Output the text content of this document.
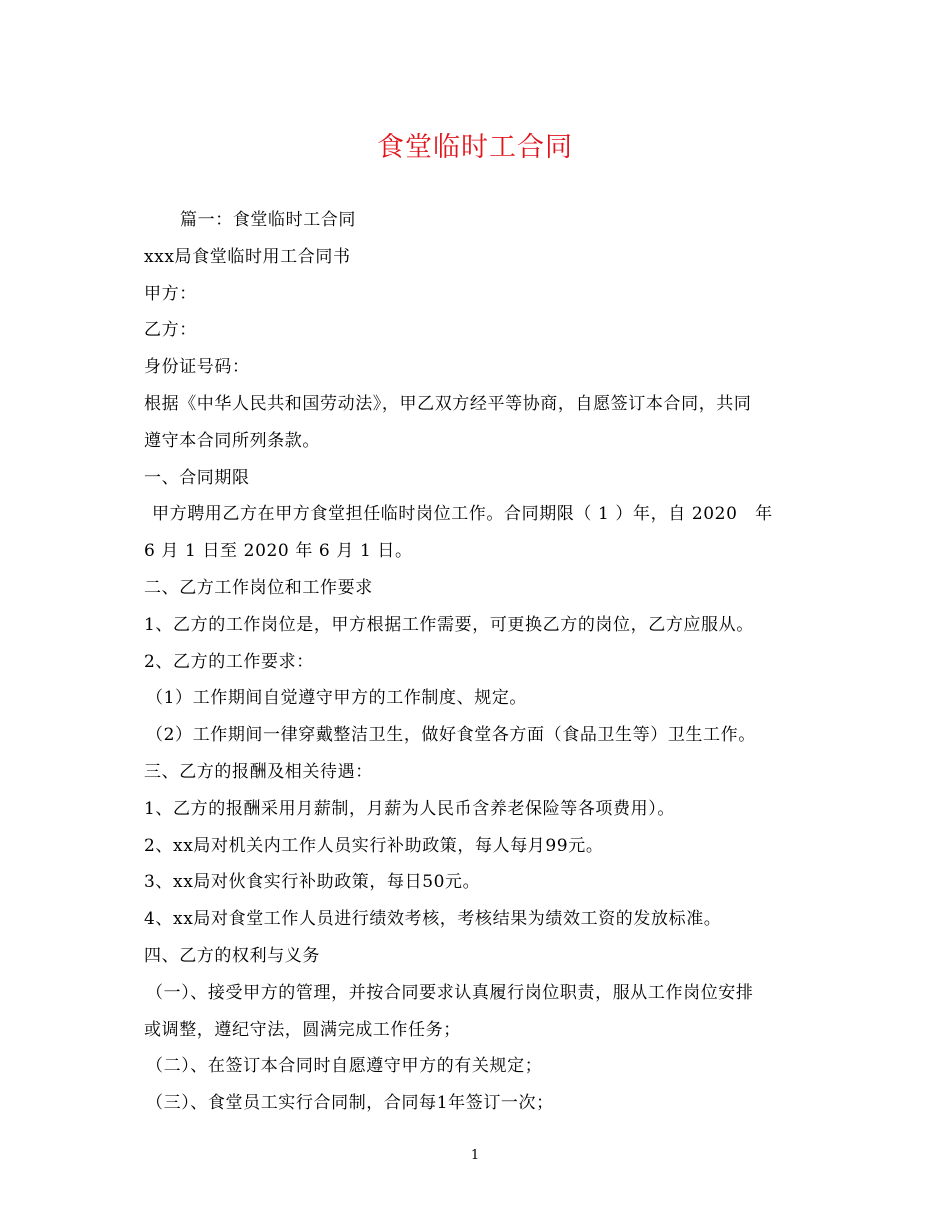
食堂临时工合同
篇一：食堂临时工合同
xxx局食堂临时用工合同书
甲方：
乙方：
身份证号码：
根据《中华人民共和国劳动法》，甲乙双方经平等协商，自愿签订本合同，共同
遵守本合同所列条款。
一、合同期限
甲方聘用乙方在甲方食堂担任临时岗位工作。合同期限（ 1 ）年，自 2020　年
6 月 1 日至 2020 年 6 月 1 日。
二、乙方工作岗位和工作要求
1、乙方的工作岗位是，甲方根据工作需要，可更换乙方的岗位，乙方应服从。
2、乙方的工作要求：
（1）工作期间自觉遵守甲方的工作制度、规定。
（2）工作期间一律穿戴整洁卫生，做好食堂各方面（食品卫生等）卫生工作。
三、乙方的报酬及相关待遇：
1、乙方的报酬采用月薪制，月薪为人民币含养老保险等各项费用）。
2、xx局对机关内工作人员实行补助政策，每人每月99元。
3、xx局对伙食实行补助政策，每日50元。
4、xx局对食堂工作人员进行绩效考核，考核结果为绩效工资的发放标准。
四、乙方的权利与义务
（一）、接受甲方的管理，并按合同要求认真履行岗位职责，服从工作岗位安排
或调整，遵纪守法，圆满完成工作任务；
（二）、在签订本合同时自愿遵守甲方的有关规定；
（三）、食堂员工实行合同制，合同每1年签订一次；
1
